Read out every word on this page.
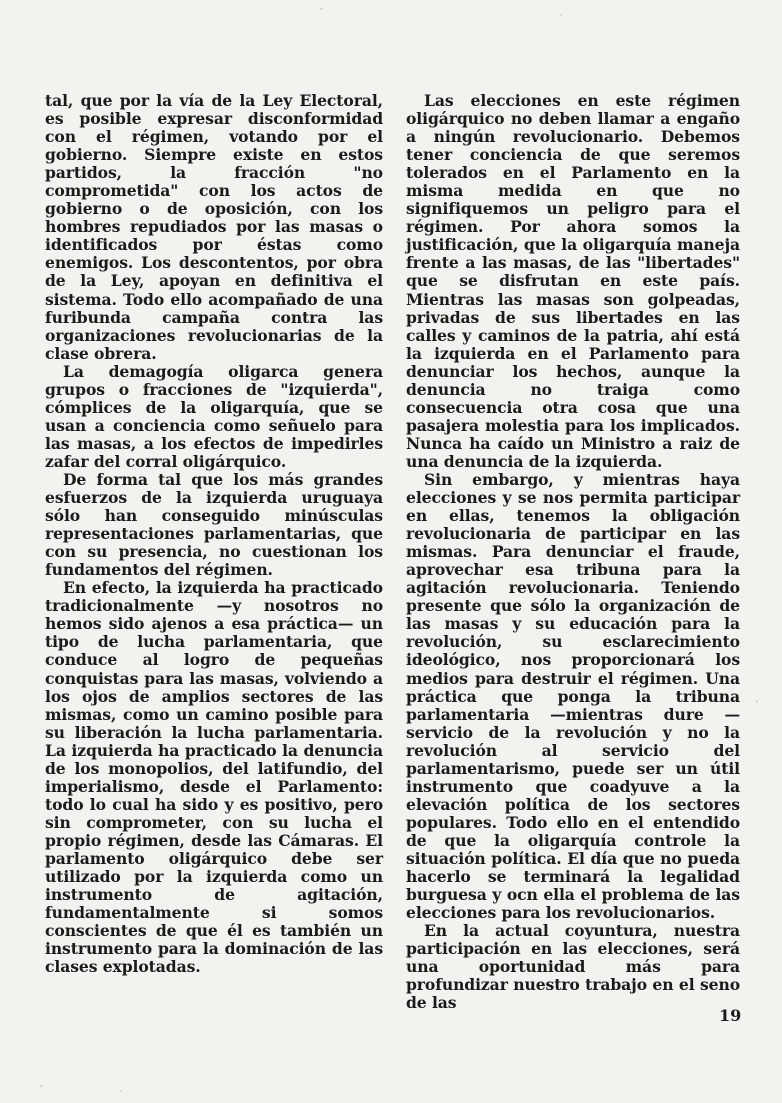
tal, que por la vía de la Ley Electoral, es posible expresar disconformidad con el régimen, votando por el gobierno. Siempre existe en estos partidos, la fracción "no comprometida" con los actos de gobierno o de oposición, con los hombres repudiados por las masas o identificados por éstas como enemigos. Los descontentos, por obra de la Ley, apoyan en definitiva el sistema. Todo ello acompañado de una furibunda campaña contra las organizaciones revolucionarias de la clase obrera.

La demagogía oligarca genera grupos o fracciones de "izquierda", cómplices de la oligarquía, que se usan a conciencia como señuelo para las masas, a los efectos de impedirles zafar del corral oligárquico.

De forma tal que los más grandes esfuerzos de la izquierda uruguaya sólo han conseguido minúsculas representaciones parlamentarias, que con su presencia, no cuestionan los fundamentos del régimen.

En efecto, la izquierda ha practicado tradicionalmente —y nosotros no hemos sido ajenos a esa práctica— un tipo de lucha parlamentaria, que conduce al logro de pequeñas conquistas para las masas, volviendo a los ojos de amplios sectores de las mismas, como un camino posible para su liberación la lucha parlamentaria. La izquierda ha practicado la denuncia de los monopolios, del latifundio, del imperialismo, desde el Parlamento: todo lo cual ha sido y es positivo, pero sin comprometer, con su lucha el propio régimen, desde las Cámaras. El parlamento oligárquico debe ser utilizado por la izquierda como un instrumento de agitación, fundamentalmente si somos conscientes de que él es también un instrumento para la dominación de las clases explotadas.

Las elecciones en este régimen oligárquico no deben llamar a engaño a ningún revolucionario. Debemos tener conciencia de que seremos tolerados en el Parlamento en la misma medida en que no signifiquemos un peligro para el régimen. Por ahora somos la justificación, que la oligarquía maneja frente a las masas, de las "libertades" que se disfrutan en este país. Mientras las masas son golpeadas, privadas de sus libertades en las calles y caminos de la patria, ahí está la izquierda en el Parlamento para denunciar los hechos, aunque la denuncia no traiga como consecuencia otra cosa que una pasajera molestia para los implicados. Nunca ha caído un Ministro a raiz de una denuncia de la izquierda.

Sin embargo, y mientras haya elecciones y se nos permita participar en ellas, tenemos la obligación revolucionaria de participar en las mismas. Para denunciar el fraude, aprovechar esa tribuna para la agitación revolucionaria. Teniendo presente que sólo la organización de las masas y su educación para la revolución, su esclarecimiento ideológico, nos proporcionará los medios para destruir el régimen. Una práctica que ponga la tribuna parlamentaria —mientras dure — servicio de la revolución y no la revolución al servicio del parlamentarismo, puede ser un útil instrumento que coadyuve a la elevación política de los sectores populares. Todo ello en el entendido de que la oligarquía controle la situación política. El día que no pueda hacerlo se terminará la legalidad burguesa y ocn ella el problema de las elecciones para los revolucionarios.

En la actual coyuntura, nuestra participación en las elecciones, será una oportunidad más para profundizar nuestro trabajo en el seno de las

19
